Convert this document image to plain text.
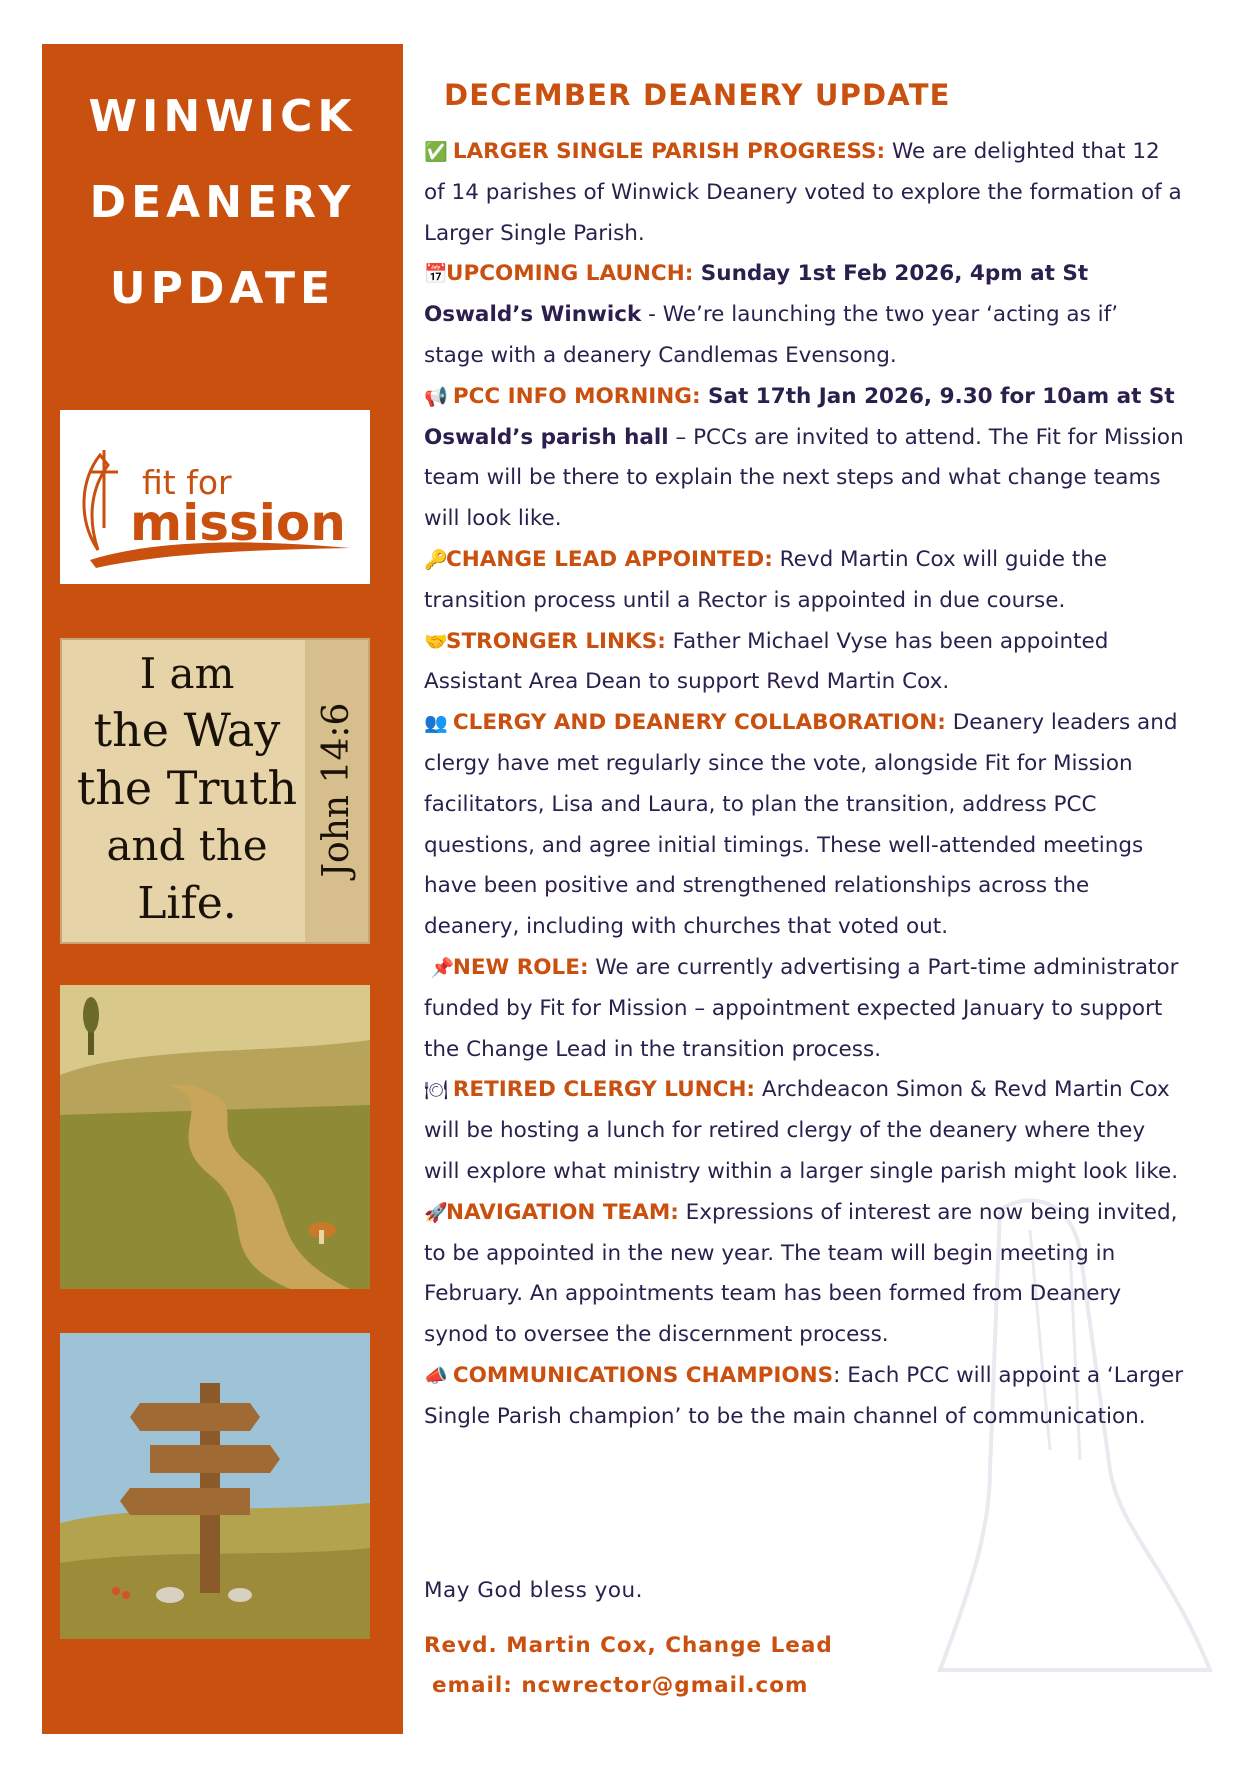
WINWICK
DEANERY
UPDATE
fit for
mission
I am
the Way
the Truth
and the
Life.
John 14:6
DECEMBER DEANERY UPDATE

✅ LARGER SINGLE PARISH PROGRESS: We are delighted that 12 of 14 parishes of Winwick Deanery voted to explore the formation of a Larger Single Parish.

📅UPCOMING LAUNCH: Sunday 1st Feb 2026, 4pm at St Oswald’s Winwick - We’re launching the two year ‘acting as if’ stage with a deanery Candlemas Evensong.

📢 PCC INFO MORNING: Sat 17th Jan 2026, 9.30 for 10am at St Oswald’s parish hall – PCCs are invited to attend. The Fit for Mission team will be there to explain the next steps and what change teams will look like.

🔑CHANGE LEAD APPOINTED: Revd Martin Cox will guide the transition process until a Rector is appointed in due course.

🤝STRONGER LINKS: Father Michael Vyse has been appointed Assistant Area Dean to support Revd Martin Cox.

👥 CLERGY AND DEANERY COLLABORATION: Deanery leaders and clergy have met regularly since the vote, alongside Fit for Mission facilitators, Lisa and Laura, to plan the transition, address PCC questions, and agree initial timings. These well-attended meetings have been positive and strengthened relationships across the deanery, including with churches that voted out.

📌NEW ROLE: We are currently advertising a Part-time administrator funded by Fit for Mission – appointment expected January to support the Change Lead in the transition process.

🍽 RETIRED CLERGY LUNCH: Archdeacon Simon & Revd Martin Cox will be hosting a lunch for retired clergy of the deanery where they will explore what ministry within a larger single parish might look like.

🚀NAVIGATION TEAM: Expressions of interest are now being invited, to be appointed in the new year. The team will begin meeting in February. An appointments team has been formed from Deanery synod to oversee the discernment process.

📣 COMMUNICATIONS CHAMPIONS: Each PCC will appoint a ‘Larger Single Parish champion’ to be the main channel of communication.

May God bless you.
Revd. Martin Cox, Change Lead
email: ncwrector@gmail.com
